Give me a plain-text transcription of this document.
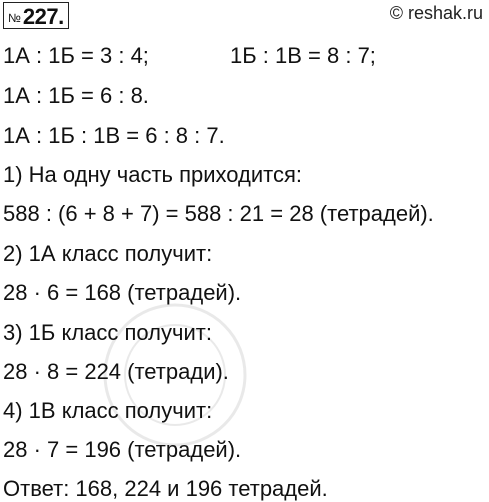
№ 227.	© reshak.ru
1А : 1Б = 3 : 4;	1Б : 1В = 8 : 7;
1А : 1Б = 6 : 8.
1А : 1Б : 1В = 6 : 8 : 7.
1) На одну часть приходится:
588 : (6 + 8 + 7) = 588 : 21 = 28 (тетрадей).
2) 1А класс получит:
28 · 6 = 168 (тетрадей).
3) 1Б класс получит:
28 · 8 = 224 (тетради).
4) 1В класс получит:
28 · 7 = 196 (тетрадей).
Ответ: 168, 224 и 196 тетрадей.
